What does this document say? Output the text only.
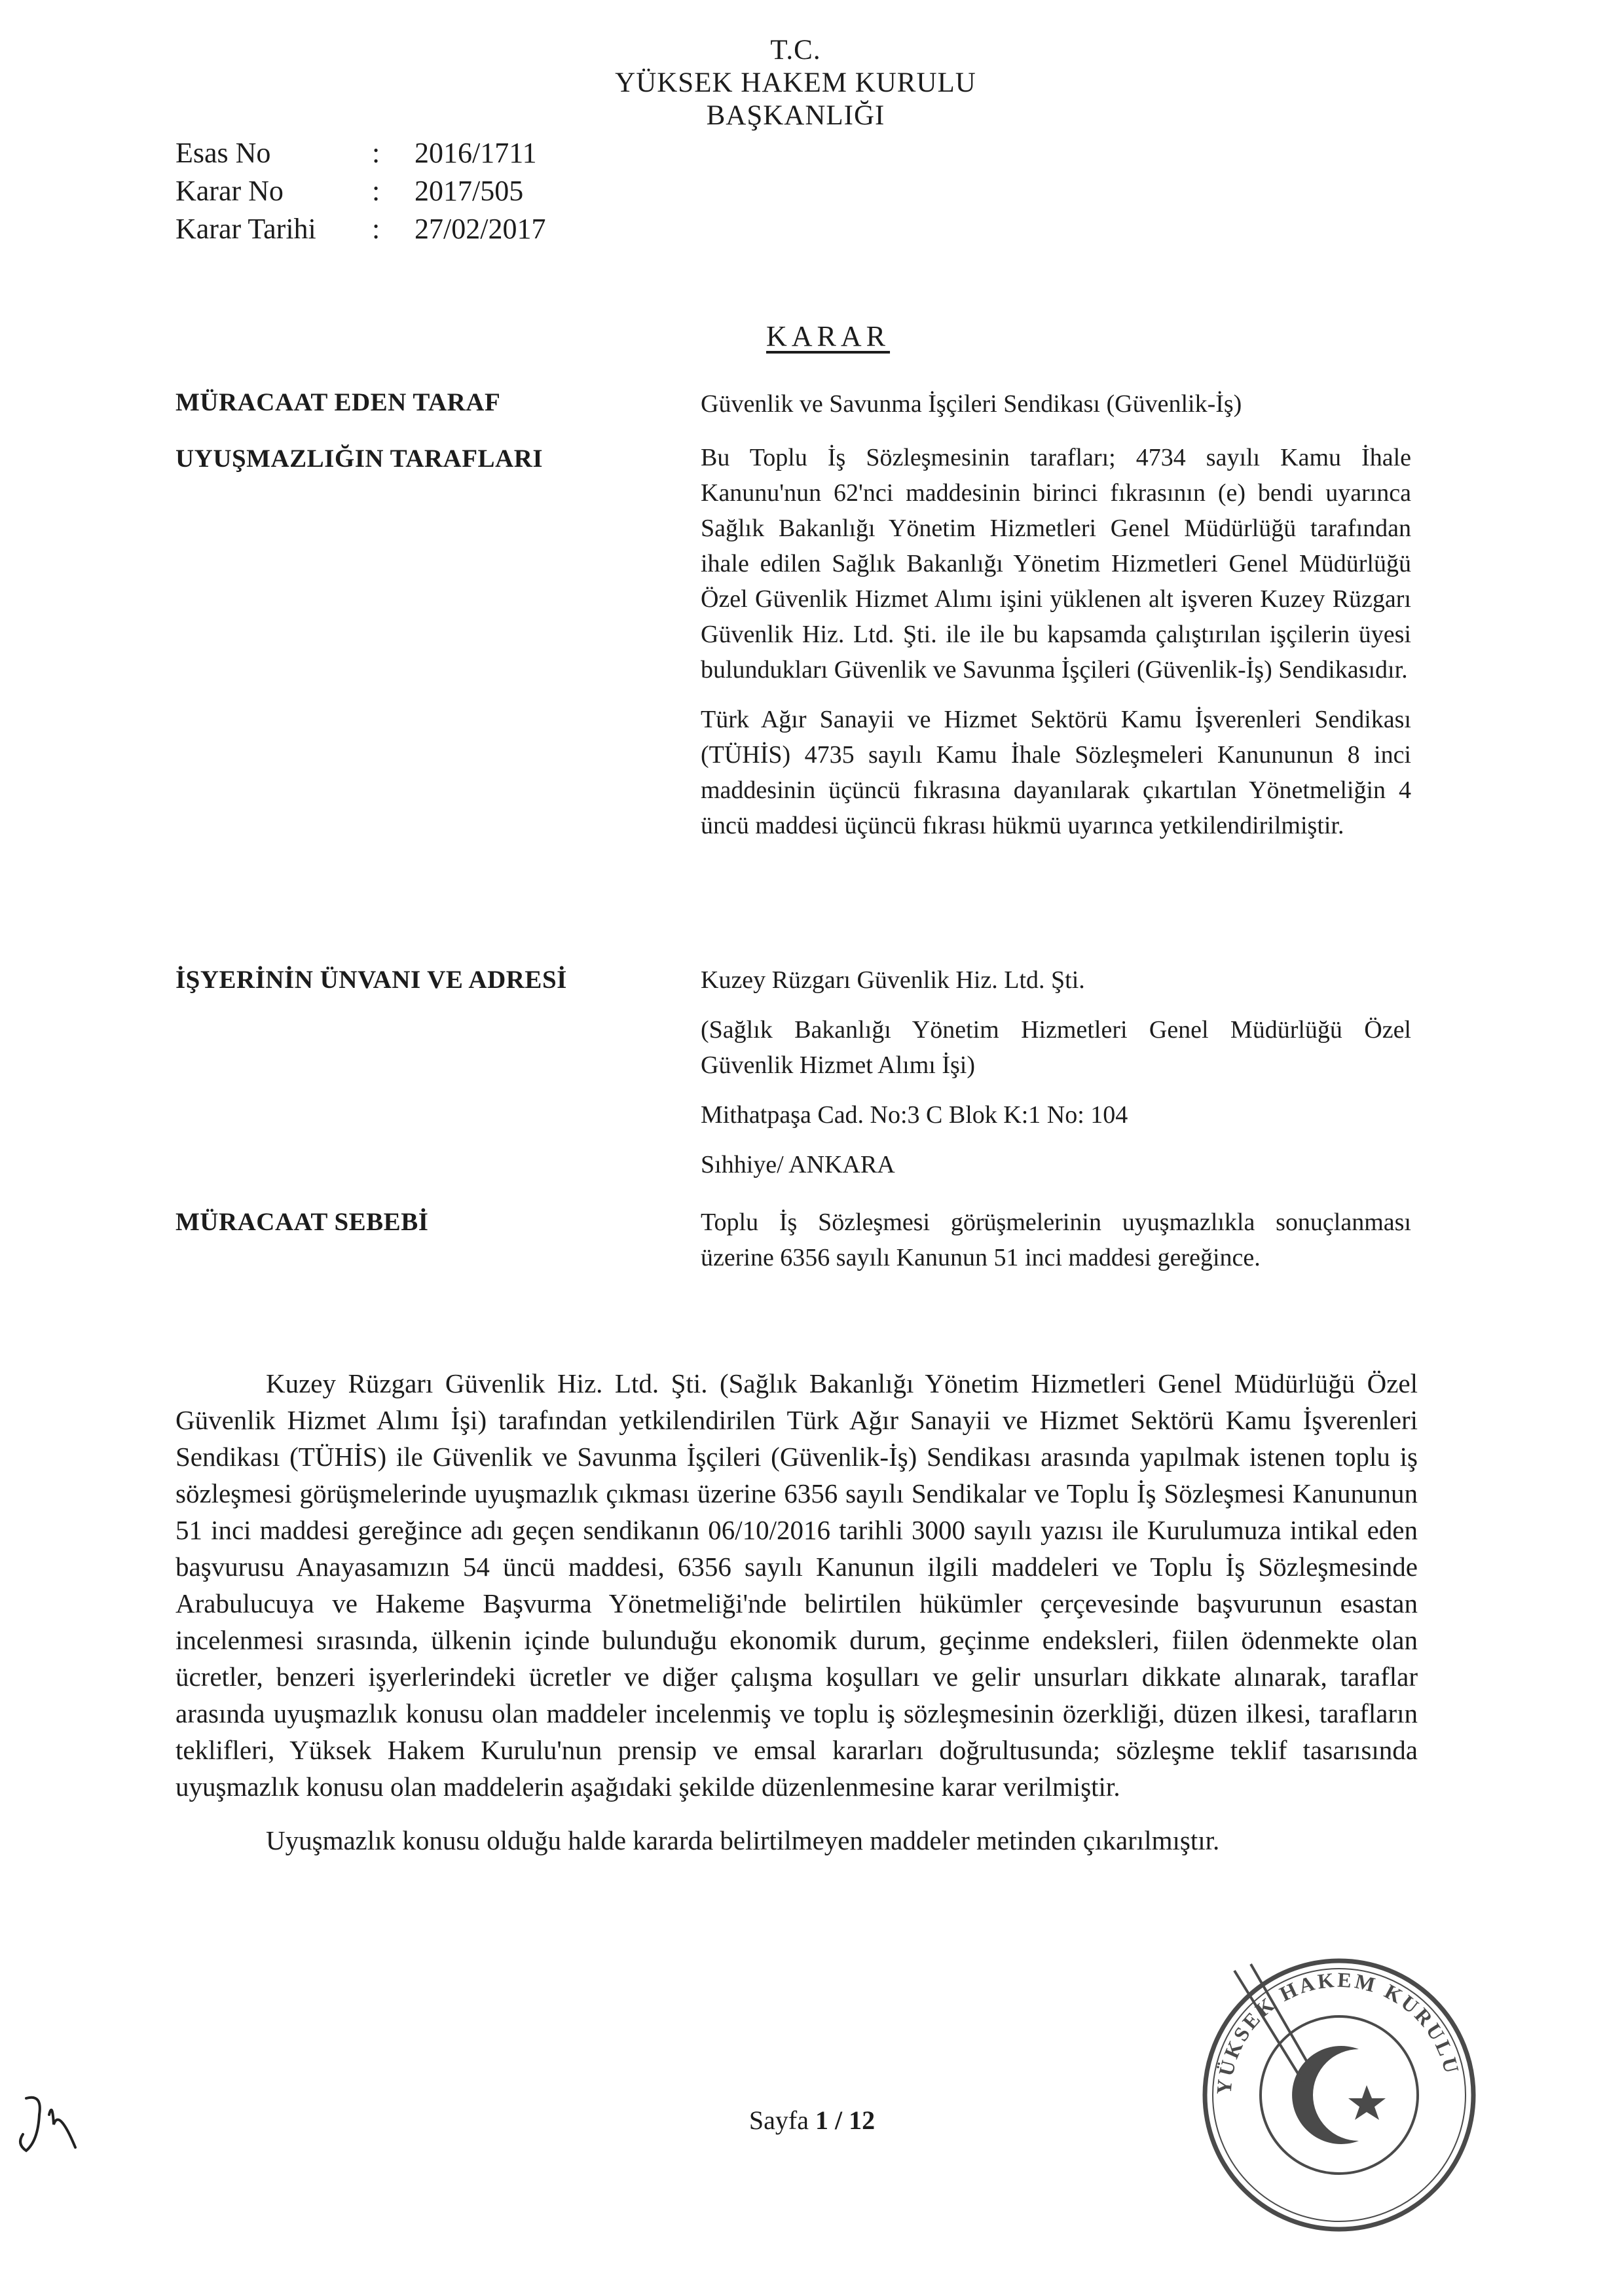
T.C.
YÜKSEK HAKEM KURULU
BAŞKANLIĞI
Esas No	:	2016/1711
Karar No	:	2017/505
Karar Tarihi	:	27/02/2017
KARAR
MÜRACAAT EDEN TARAF	Güvenlik ve Savunma İşçileri Sendikası (Güvenlik-İş)

UYUŞMAZLIĞIN TARAFLARI	Bu Toplu İş Sözleşmesinin tarafları; 4734 sayılı Kamu İhale Kanunu'nun 62'nci maddesinin birinci fıkrasının (e) bendi uyarınca Sağlık Bakanlığı Yönetim Hizmetleri Genel Müdürlüğü tarafından ihale edilen Sağlık Bakanlığı Yönetim Hizmetleri Genel Müdürlüğü Özel Güvenlik Hizmet Alımı işini yüklenen alt işveren Kuzey Rüzgarı Güvenlik Hiz. Ltd. Şti. ile ile bu kapsamda çalıştırılan işçilerin üyesi bulundukları Güvenlik ve Savunma İşçileri (Güvenlik-İş) Sendikasıdır.

Türk Ağır Sanayii ve Hizmet Sektörü Kamu İşverenleri Sendikası (TÜHİS) 4735 sayılı Kamu İhale Sözleşmeleri Kanununun 8 inci maddesinin üçüncü fıkrasına dayanılarak çıkartılan Yönetmeliğin 4 üncü maddesi üçüncü fıkrası hükmü uyarınca yetkilendirilmiştir.

İŞYERİNİN ÜNVANI VE ADRESİ	Kuzey Rüzgarı Güvenlik Hiz. Ltd. Şti.

(Sağlık Bakanlığı Yönetim Hizmetleri Genel Müdürlüğü Özel Güvenlik Hizmet Alımı İşi)

Mithatpaşa Cad. No:3 C Blok K:1 No: 104

Sıhhiye/ ANKARA

MÜRACAAT SEBEBİ	Toplu İş Sözleşmesi görüşmelerinin uyuşmazlıkla sonuçlanması üzerine 6356 sayılı Kanunun 51 inci maddesi gereğince.

Kuzey Rüzgarı Güvenlik Hiz. Ltd. Şti. (Sağlık Bakanlığı Yönetim Hizmetleri Genel Müdürlüğü Özel Güvenlik Hizmet Alımı İşi) tarafından yetkilendirilen Türk Ağır Sanayii ve Hizmet Sektörü Kamu İşverenleri Sendikası (TÜHİS) ile Güvenlik ve Savunma İşçileri (Güvenlik-İş) Sendikası arasında yapılmak istenen toplu iş sözleşmesi görüşmelerinde uyuşmazlık çıkması üzerine 6356 sayılı Sendikalar ve Toplu İş Sözleşmesi Kanununun 51 inci maddesi gereğince adı geçen sendikanın 06/10/2016 tarihli 3000 sayılı yazısı ile Kurulumuza intikal eden başvurusu Anayasamızın 54 üncü maddesi, 6356 sayılı Kanunun ilgili maddeleri ve Toplu İş Sözleşmesinde Arabulucuya ve Hakeme Başvurma Yönetmeliği'nde belirtilen hükümler çerçevesinde başvurunun esastan incelenmesi sırasında, ülkenin içinde bulunduğu ekonomik durum, geçinme endeksleri, fiilen ödenmekte olan ücretler, benzeri işyerlerindeki ücretler ve diğer çalışma koşulları ve gelir unsurları dikkate alınarak, taraflar arasında uyuşmazlık konusu olan maddeler incelenmiş ve toplu iş sözleşmesinin özerkliği, düzen ilkesi, tarafların teklifleri, Yüksek Hakem Kurulu'nun prensip ve emsal kararları doğrultusunda; sözleşme teklif tasarısında uyuşmazlık konusu olan maddelerin aşağıdaki şekilde düzenlenmesine karar verilmiştir.

Uyuşmazlık konusu olduğu halde kararda belirtilmeyen maddeler metinden çıkarılmıştır.

Sayfa 1 / 12
YÜKSEK HAKEM KURULU
